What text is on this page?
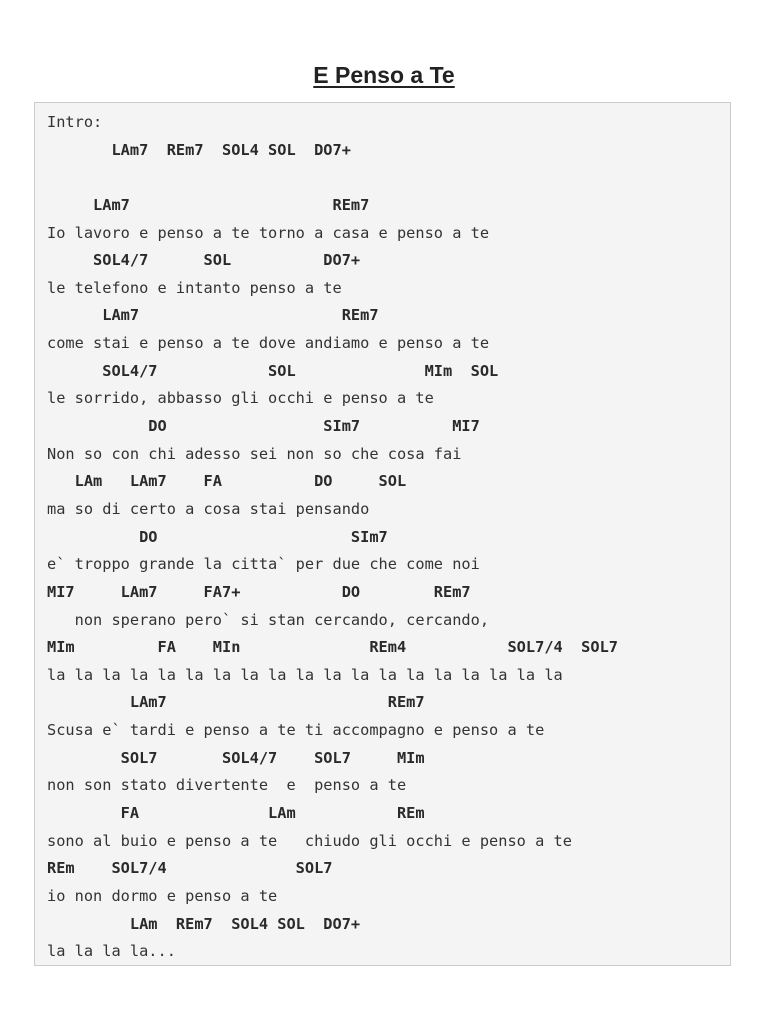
E Penso a Te
Intro:
LAm7  REm7  SOL4 SOL  DO7+
LAm7                      REm7
Io lavoro e penso a te torno a casa e penso a te
SOL4/7      SOL          DO7+
le telefono e intanto penso a te
LAm7                      REm7
come stai e penso a te dove andiamo e penso a te
SOL4/7            SOL              MIm  SOL
le sorrido, abbasso gli occhi e penso a te
DO                 SIm7          MI7
Non so con chi adesso sei non so che cosa fai
LAm   LAm7    FA          DO     SOL
ma so di certo a cosa stai pensando
DO                     SIm7
e` troppo grande la citta` per due che come noi
MI7     LAm7     FA7+           DO        REm7
non sperano pero` si stan cercando, cercando,
MIm         FA    MIn              REm4           SOL7/4  SOL7
la la la la la la la la la la la la la la la la la la la
LAm7                        REm7
Scusa e` tardi e penso a te ti accompagno e penso a te
SOL7       SOL4/7    SOL7     MIm
non son stato divertente  e  penso a te
FA              LAm           REm
sono al buio e penso a te   chiudo gli occhi e penso a te
REm    SOL7/4              SOL7
io non dormo e penso a te
LAm  REm7  SOL4 SOL  DO7+
la la la la...
